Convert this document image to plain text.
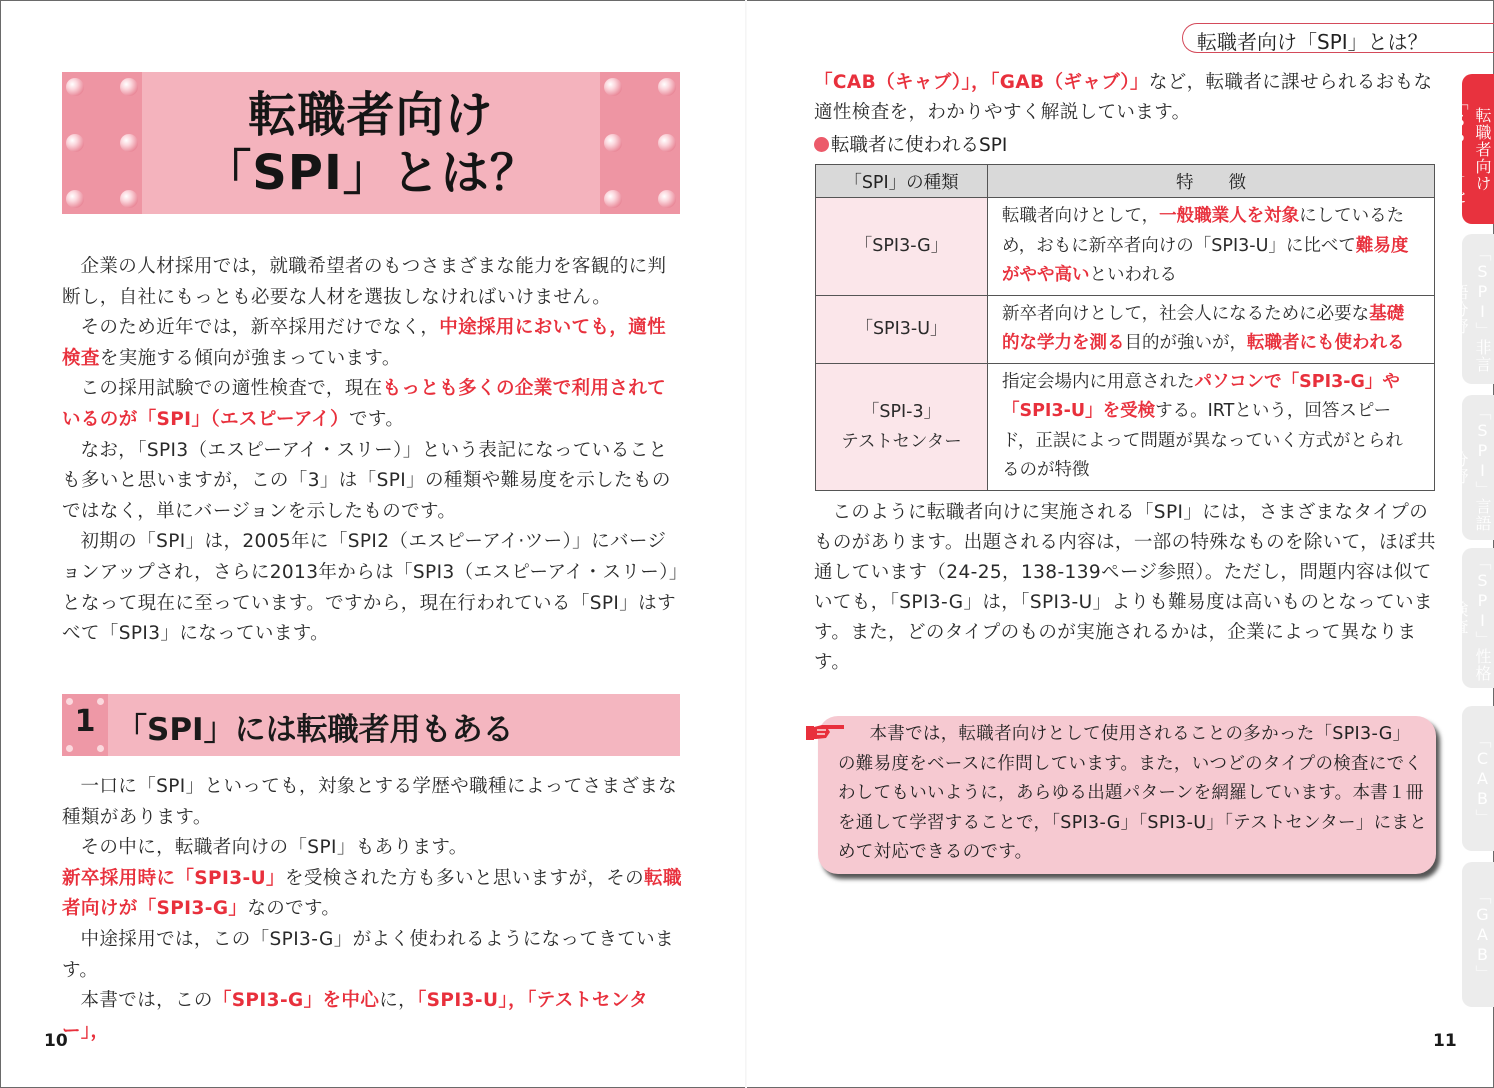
転職者向け
「SPI」とは？

企業の人材採用では，就職希望者のもつさまざまな能力を客観的に判断し，自社にもっとも必要な人材を選抜しなければいけません。

そのため近年では，新卒採用だけでなく，中途採用においても，適性検査を実施する傾向が強まっています。

この採用試験での適性検査で，現在もっとも多くの企業で利用されているのが「SPI」（エスピーアイ）です。

なお，「SPI3（エスピーアイ・スリー）」という表記になっていることも多いと思いますが，この「3」は「SPI」の種類や難易度を示したものではなく，単にバージョンを示したものです。

初期の「SPI」は，2005年に「SPI2（エスピーアイ·ツー）」にバージョンアップされ，さらに2013年からは「SPI3（エスピーアイ・スリー）」となって現在に至っています。ですから，現在行われている「SPI」はすべて「SPI3」になっています。

1 「SPI」には転職者用もある

一口に「SPI」といっても，対象とする学歴や職種によってさまざまな種類があります。

その中に，転職者向けの「SPI」もあります。新卒採用時に「SPI3-U」を受検された方も多いと思いますが，その転職者向けが「SPI3-G」なのです。

中途採用では，この「SPI3-G」がよく使われるようになってきています。

本書では，この「SPI3-G」を中心に，「SPI3-U」，「テストセンター」，

10
転職者向け「SPI」とは？

「CAB（キャブ）」，「GAB（ギャブ）」など，転職者に課せられるおもな適性検査を，わかりやすく解説しています。

転職者に使われるSPI
「SPI」の種類	特　　徴
「SPI3-G」	転職者向けとして，一般職業人を対象にしているため，おもに新卒者向けの「SPI3-U」に比べて難易度がやや高いといわれる
「SPI3-U」	新卒者向けとして，社会人になるために必要な基礎的な学力を測る目的が強いが，転職者にも使われる

「SPI-3」
テストセンター	指定会場内に用意されたパソコンで「SPI3-G」や「SPI3-U」を受検する。IRTという，回答スピード，正誤によって問題が異なっていく方式がとられるのが特徴

このように転職者向けに実施される「SPI」には，さまざまなタイプのものがあります。出題される内容は，一部の特殊なものを除いて，ほぼ共通しています（24-25，138-139ページ参照）。ただし，問題内容は似ていても，「SPI3-G」は，「SPI3-U」よりも難易度は高いものとなっています。また，どのタイプのものが実施されるかは，企業によって異なります。

本書では，転職者向けとして使用されることの多かった「SPI3-G」の難易度をベースに作問しています。また，いつどのタイプの検査にでくわしてもいいように，あらゆる出題パターンを網羅しています。本書１冊を通して学習することで，「SPI3-G」「SPI3-U」「テストセンター」にまとめて対応できるのです。
11
転職者向け「SPI」とは？
「SPI」非言語分野
「SPI」言語分野
「SPI」性格検査
「CAB」
「GAB」
